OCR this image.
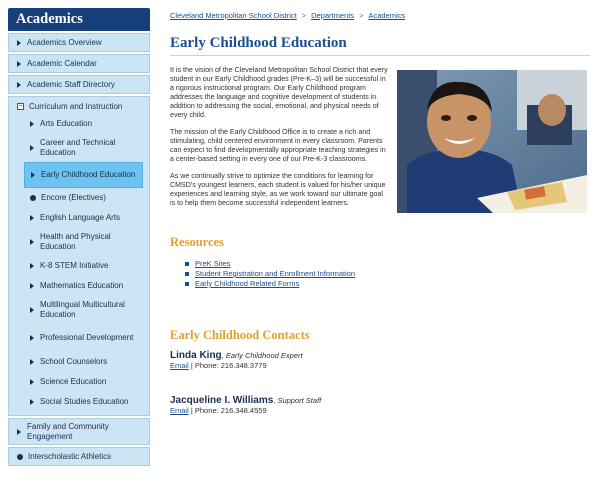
Academics
Academics Overview
Academic Calendar
Academic Staff Directory
− Curriculum and Instruction
Arts Education
Career and Technical Education
Early Childhood Education
Encore (Electives)
English Language Arts
Health and Physical Education
K-8 STEM Initiative
Mathematics Education
Multilingual Multicultural Education
Professional Development
School Counselors
Science Education
Social Studies Education
Family and Community Engagement
Interscholastic Athletics
Cleveland Metropolitan School District > Departments > Academics
Early Childhood Education

It is the vision of the Cleveland Metropolitan School District that every student in our Early Childhood grades (Pre-K–3) will be successful in a rigorous instructional program. Our Early Childhood program addresses the language and cognitive development of students in addition to addressing the social, emotional, and physical needs of every child.

The mission of the Early Childhood Office is to create a rich and stimulating, child centered environment in every classroom. Parents can expect to find developmentally appropriate teaching strategies in a center-based setting in every one of our Pre-K-3 classrooms.

As we continually strive to optimize the conditions for learning for CMSD's youngest learners, each student is valued for his/her unique experiences and learning style, as we work toward our ultimate goal is to help them become successful independent learners.

Resources
PreK Sites
Student Registration and Enrollment Information
Early Childhood Related Forms
Early Childhood Contacts
Linda King, Early Childhood Expert
Email | Phone: 216.348.3779
Jacqueline I. Williams, Support Staff
Email | Phone: 216.348.4559
